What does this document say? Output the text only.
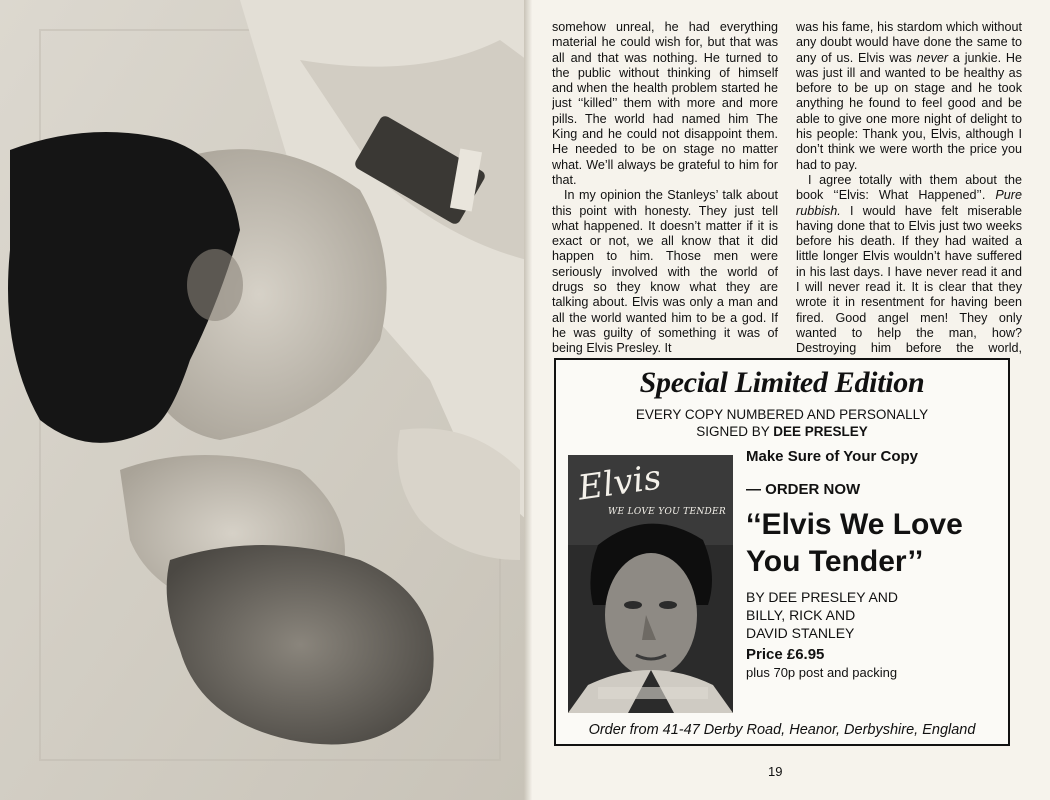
somehow unreal, he had everything material he could wish for, but that was all and that was nothing. He turned to the public without thinking of himself and when the health problem started he just ‘‘killed’’ them with more and more pills. The world had named him The King and he could not disappoint them. He needed to be on stage no matter what. We’ll always be grateful to him for that.

In my opinion the Stanleys’ talk about this point with honesty. They just tell what happened. It doesn’t matter if it is exact or not, we all know that it did happen to him. Those men were seriously involved with the world of drugs so they know what they are talking about. Elvis was only a man and all the world wanted him to be a god. If he was guilty of something it was of being Elvis Presley. It

was his fame, his stardom which without any doubt would have done the same to any of us. Elvis was never a junkie. He was just ill and wanted to be healthy as before to be up on stage and he took anything he found to feel good and be able to give one more night of delight to his people: Thank you, Elvis, although I don’t think we were worth the price you had to pay.

I agree totally with them about the book ‘‘Elvis: What Happened’’. Pure rubbish. I would have felt miserable having done that to Elvis just two weeks before his death. If they had waited a little longer Elvis wouldn’t have suffered in his last days. I have never read it and I will never read it. It is clear that they wrote it in resentment for having been fired. Good angel men! They only wanted to help the man, how? Destroying him before the world,

Special Limited Edition
EVERY COPY NUMBERED AND PERSONALLY
SIGNED BY DEE PRESLEY
Elvis
WE LOVE YOU TENDER

Make Sure of Your Copy

— ORDER NOW

‘‘Elvis We Love
You Tender’’

BY DEE PRESLEY AND
BILLY, RICK AND
DAVID STANLEY

Price £6.95

plus 70p post and packing

Order from 41-47 Derby Road, Heanor, Derbyshire, England
19
